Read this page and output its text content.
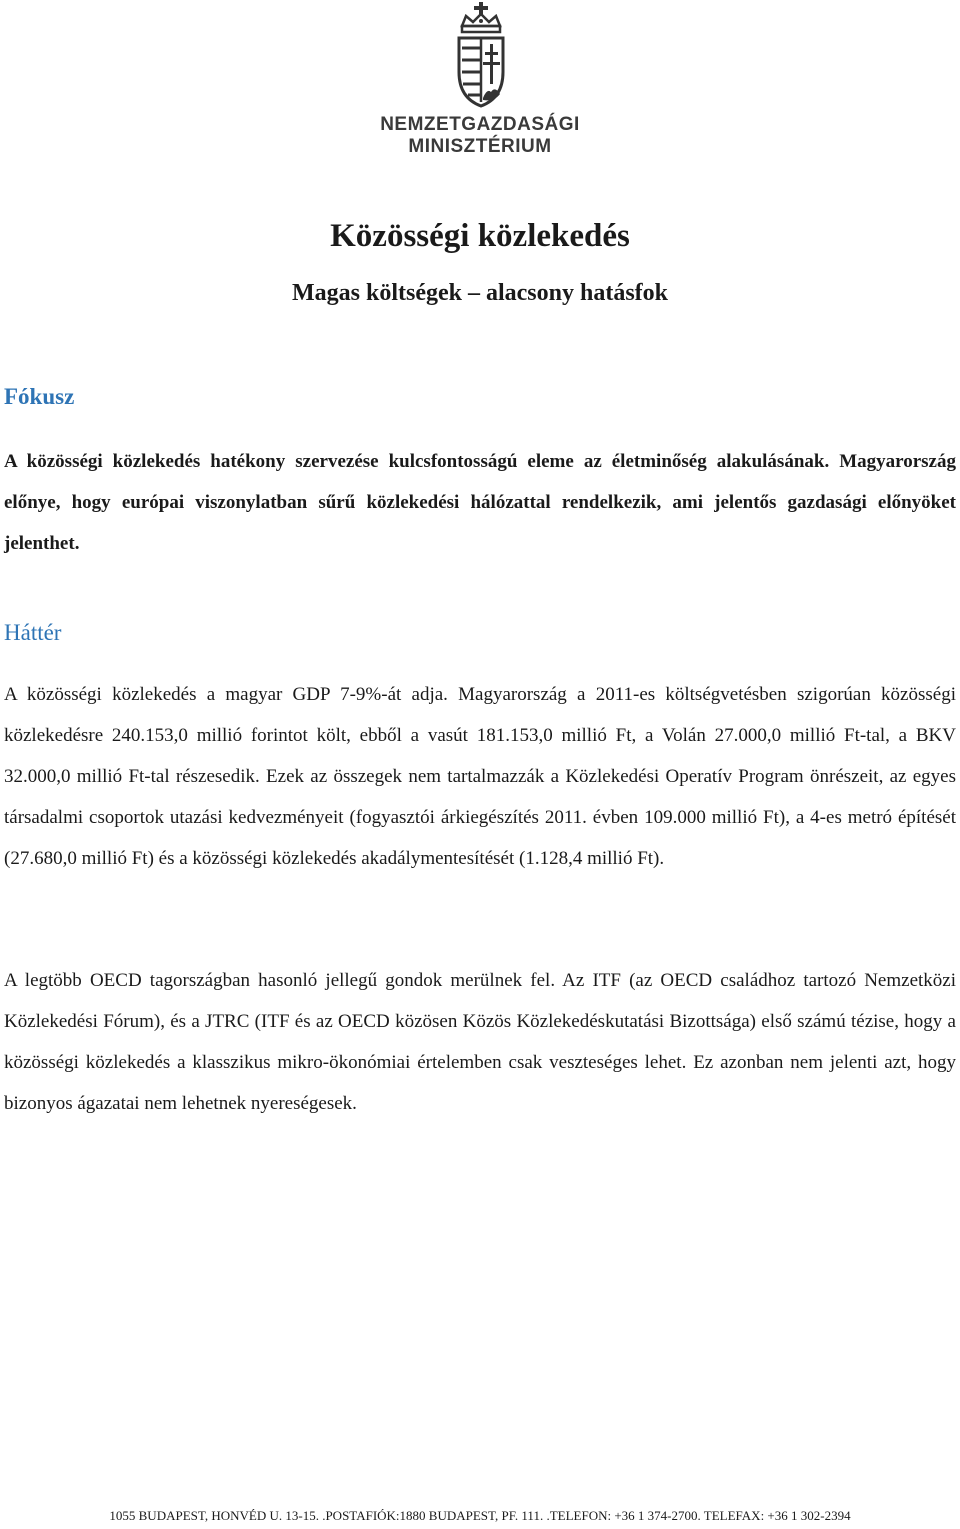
NEMZETGAZDASÁGI
MINISZTÉRIUM
Közösségi közlekedés
Magas költségek – alacsony hatásfok
Fókusz

A közösségi közlekedés hatékony szervezése kulcsfontosságú eleme az életminőség alakulásának. Magyarország előnye, hogy európai viszonylatban sűrű közlekedési hálózattal rendelkezik, ami jelentős gazdasági előnyöket jelenthet.

Háttér

A közösségi közlekedés a magyar GDP 7-9%-át adja. Magyarország a 2011-es költségvetésben szigorúan közösségi közlekedésre 240.153,0 millió forintot költ, ebből a vasút 181.153,0 millió Ft, a Volán 27.000,0 millió Ft-tal, a BKV 32.000,0 millió Ft-tal részesedik. Ezek az összegek nem tartalmazzák a Közlekedési Operatív Program önrészeit, az egyes társadalmi csoportok utazási kedvezményeit (fogyasztói árkiegészítés 2011. évben 109.000 millió Ft), a 4-es metró építését (27.680,0 millió Ft) és a közösségi közlekedés akadálymentesítését (1.128,4 millió Ft).

A legtöbb OECD tagországban hasonló jellegű gondok merülnek fel. Az ITF (az OECD családhoz tartozó Nemzetközi Közlekedési Fórum), és a JTRC (ITF és az OECD közösen Közös Közlekedéskutatási Bizottsága) első számú tézise, hogy a közösségi közlekedés a klasszikus mikro-ökonómiai értelemben csak veszteséges lehet. Ez azonban nem jelenti azt, hogy bizonyos ágazatai nem lehetnek nyereségesek.

1055 BUDAPEST, HONVÉD U. 13-15. .POSTAFIÓK:1880 BUDAPEST, PF. 111. .TELEFON: +36 1 374-2700. TELEFAX: +36 1 302-2394
